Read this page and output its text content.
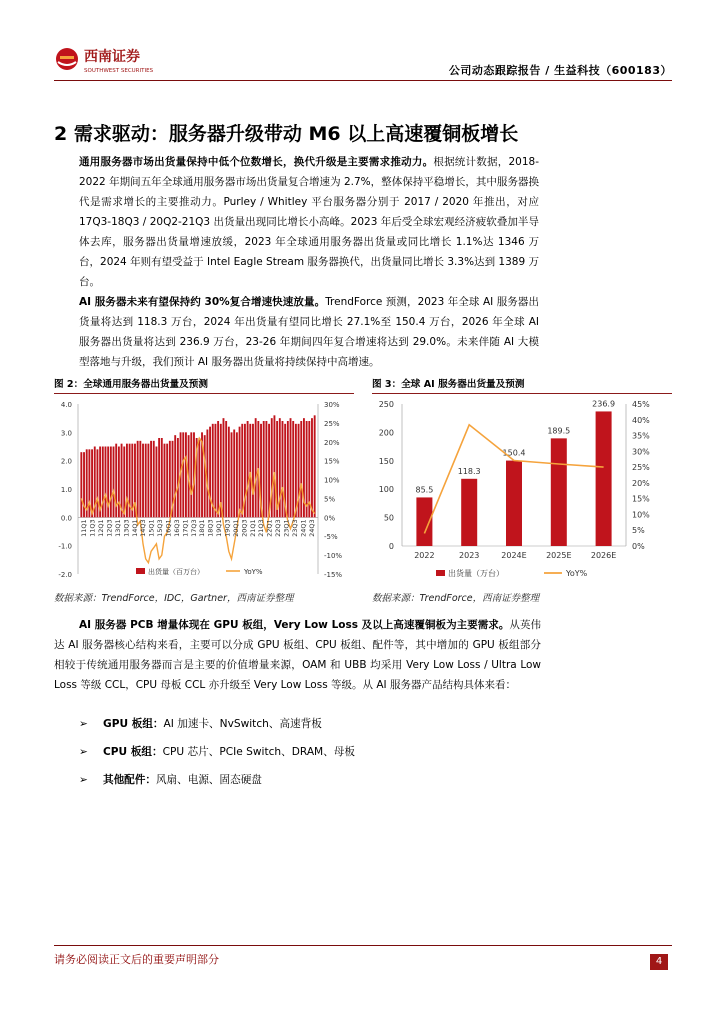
西南证券
SOUTHWEST SECURITIES	公司动态跟踪报告 / 生益科技（600183）
2 需求驱动：服务器升级带动 M6 以上高速覆铜板增长
通用服务器市场出货量保持中低个位数增长，换代升级是主要需求推动力。根据统计数据，2018-2022 年期间五年全球通用服务器市场出货量复合增速为 2.7%，整体保持平稳增长，其中服务器换代是需求增长的主要推动力。Purley / Whitley 平台服务器分别于 2017 / 2020 年推出，对应 17Q3-18Q3 / 20Q2-21Q3 出货量出现同比增长小高峰。2023 年后受全球宏观经济疲软叠加半导体去库，服务器出货量增速放缓，2023 年全球通用服务器出货量或同比增长 1.1%达 1346 万台，2024 年则有望受益于 Intel Eagle Stream 服务器换代，出货量同比增长 3.3%达到 1389 万台。
AI 服务器未来有望保持约 30%复合增速快速放量。TrendForce 预测，2023 年全球 AI 服务器出货量将达到 118.3 万台，2024 年出货量有望同比增长 27.1%至 150.4 万台，2026 年全球 AI 服务器出货量将达到 236.9 万台，23-26 年期间四年复合增速将达到 29.0%。未来伴随 AI 大模型落地与升级，我们预计 AI 服务器出货量将持续保持中高增速。
图 2：全球通用服务器出货量及预测	图 3：全球 AI 服务器出货量及预测
4.0
3.0
2.0
1.0
0.0
-1.0
-2.0
30%
25%
20%
15%
10%
5%
0%
-5%
-10%
-15%
11Q1 11Q3 12Q1 12Q3 13Q1 13Q3 14Q1 14Q3 15Q1 15Q3 16Q1 16Q3 17Q1 17Q3 18Q1 18Q3 19Q1 19Q3 20Q1 20Q3 21Q1 21Q3 22Q1 22Q3 23Q1 23Q3 24Q1 24Q3
出货量（百万台）	YoY%
250
200
150
100
50
0
45%
40%
35%
30%
25%
20%
15%
10%
5%
0%
85.5
2022
118.3
2023
150.4
2024E
189.5
2025E
236.9
2026E
出货量（万台）	YoY%
数据来源：TrendForce，IDC，Gartner，西南证券整理	数据来源：TrendForce，西南证券整理
AI 服务器 PCB 增量体现在 GPU 板组，Very Low Loss 及以上高速覆铜板为主要需求。从英伟达 AI 服务器核心结构来看，主要可以分成 GPU 板组、CPU 板组、配件等，其中增加的 GPU 板组部分相较于传统通用服务器而言是主要的价值增量来源，OAM 和 UBB 均采用 Very Low Loss / Ultra Low Loss 等级 CCL，CPU 母板 CCL 亦升级至 Very Low Loss 等级。从 AI 服务器产品结构具体来看：
➢ GPU 板组：AI 加速卡、NvSwitch、高速背板
➢ CPU 板组：CPU 芯片、PCIe Switch、DRAM、母板
➢ 其他配件：风扇、电源、固态硬盘
请务必阅读正文后的重要声明部分	4
